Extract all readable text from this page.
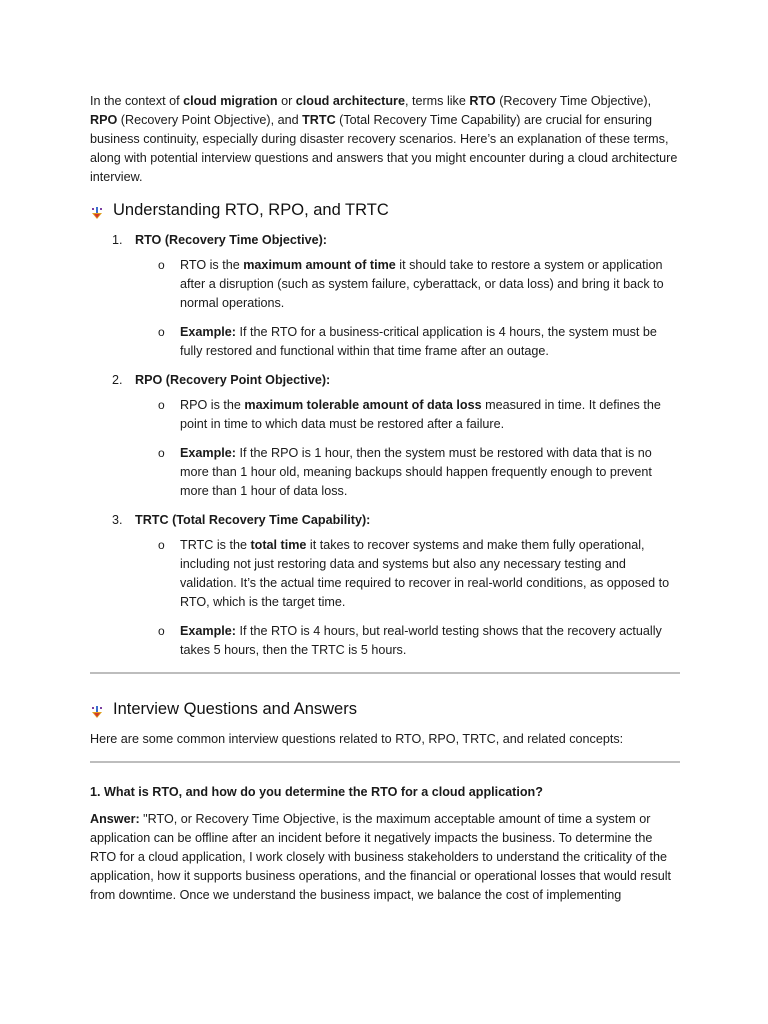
In the context of cloud migration or cloud architecture, terms like RTO (Recovery Time Objective), RPO (Recovery Point Objective), and TRTC (Total Recovery Time Capability) are crucial for ensuring business continuity, especially during disaster recovery scenarios. Here’s an explanation of these terms, along with potential interview questions and answers that you might encounter during a cloud architecture interview.

Understanding RTO, RPO, and TRTC
1. RTO (Recovery Time Objective):
o	RTO is the maximum amount of time it should take to restore a system or application after a disruption (such as system failure, cyberattack, or data loss) and bring it back to normal operations.
o	Example: If the RTO for a business-critical application is 4 hours, the system must be fully restored and functional within that time frame after an outage.
2. RPO (Recovery Point Objective):
o	RPO is the maximum tolerable amount of data loss measured in time. It defines the point in time to which data must be restored after a failure.
o	Example: If the RPO is 1 hour, then the system must be restored with data that is no more than 1 hour old, meaning backups should happen frequently enough to prevent more than 1 hour of data loss.
3. TRTC (Total Recovery Time Capability):
o	TRTC is the total time it takes to recover systems and make them fully operational, including not just restoring data and systems but also any necessary testing and validation. It’s the actual time required to recover in real-world conditions, as opposed to RTO, which is the target time.
o	Example: If the RTO is 4 hours, but real-world testing shows that the recovery actually takes 5 hours, then the TRTC is 5 hours.
Interview Questions and Answers

Here are some common interview questions related to RTO, RPO, TRTC, and related concepts:

1. What is RTO, and how do you determine the RTO for a cloud application?

Answer: "RTO, or Recovery Time Objective, is the maximum acceptable amount of time a system or application can be offline after an incident before it negatively impacts the business. To determine the RTO for a cloud application, I work closely with business stakeholders to understand the criticality of the application, how it supports business operations, and the financial or operational losses that would result from downtime. Once we understand the business impact, we balance the cost of implementing
